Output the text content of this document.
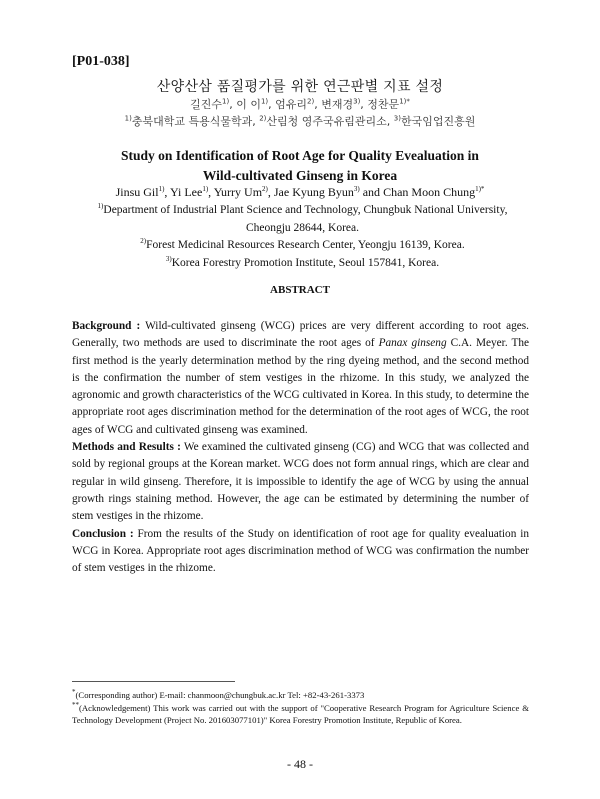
[P01-038]
산양산삼 품질평가를 위한 연근판별 지표 설정
길진수$^{1)}$, 이 이$^{1)}$, 엄유리$^{2)}$, 변재경$^{3)}$, 정찬문$^{1)*}$
$^{1)}$충북대학교 특용식물학과, $^{2)}$산림청 영주국유림관리소, $^{3)}$한국임업진흥원
Study on Identification of Root Age for Quality Evealuation in
Wild-cultivated Ginseng in Korea
Jinsu Gil$^{1)}$, Yi Lee$^{1)}$, Yurry Um$^{2)}$, Jae Kyung Byun$^{3)}$ and Chan Moon Chung$^{1)*}$
$^{1)}$Department of Industrial Plant Science and Technology, Chungbuk National University, Cheongju 28644, Korea.
$^{2)}$Forest Medicinal Resources Research Center, Yeongju 16139, Korea.
$^{3)}$Korea Forestry Promotion Institute, Seoul 157841, Korea.
ABSTRACT

Background : Wild-cultivated ginseng (WCG) prices are very different according to root ages. Generally, two methods are used to discriminate the root ages of Panax ginseng C.A. Meyer. The first method is the yearly determination method by the ring dyeing method, and the second method is the confirmation the number of stem vestiges in the rhizome. In this study, we analyzed the agronomic and growth characteristics of the WCG cultivated in Korea. In this study, to determine the appropriate root ages discrimination method for the determination of the root ages of WCG, the root ages of WCG and cultivated ginseng was examined.

Methods and Results : We examined the cultivated ginseng (CG) and WCG that was collected and sold by regional groups at the Korean market. WCG does not form annual rings, which are clear and regular in wild ginseng. Therefore, it is impossible to identify the age of WCG by using the annual growth rings staining method. However, the age can be estimated by determining the number of stem vestiges in the rhizome.

Conclusion : From the results of the Study on identification of root age for quality evealuation in WCG in Korea. Appropriate root ages discrimination method of WCG was confirmation the number of stem vestiges in the rhizome.

*(Corresponding author) E-mail: chanmoon@chungbuk.ac.kr Tel: +82-43-261-3373
**(Acknowledgement) This work was carried out with the support of "Cooperative Research Program for Agriculture Science & Technology Development (Project No. 201603077101)" Korea Forestry Promotion Institute, Republic of Korea.
- 48 -
